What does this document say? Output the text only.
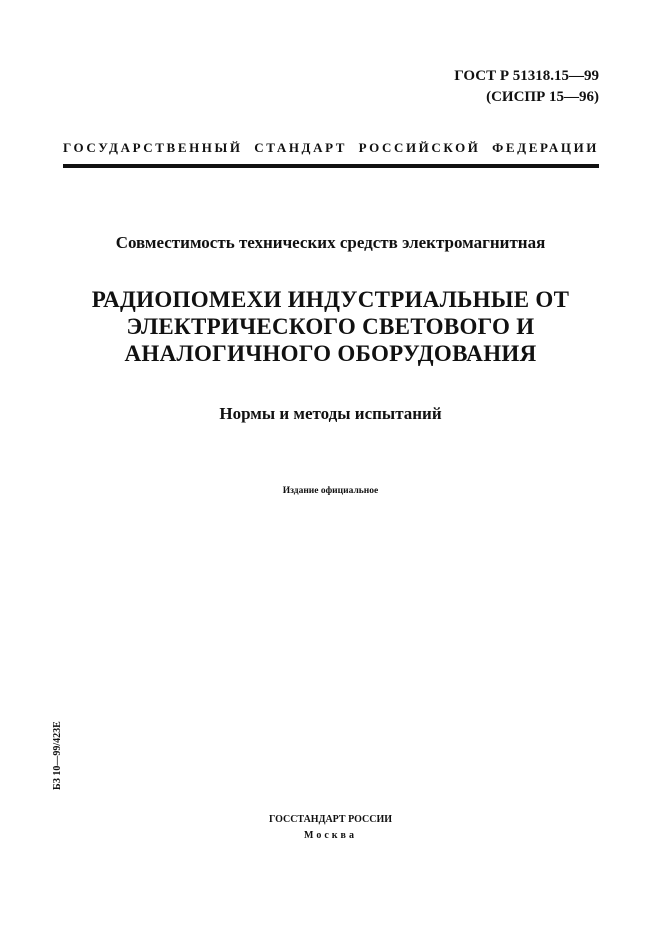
ГОСТ Р 51318.15—99
(СИСПР 15—96)
ГОСУДАРСТВЕННЫЙ СТАНДАРТ РОССИЙСКОЙ ФЕДЕРАЦИИ
Совместимость технических средств электромагнитная
РАДИОПОМЕХИ ИНДУСТРИАЛЬНЫЕ ОТ
ЭЛЕКТРИЧЕСКОГО СВЕТОВОГО И
АНАЛОГИЧНОГО ОБОРУДОВАНИЯ
Нормы и методы испытаний
Издание официальное
БЗ 10—99/423Е
ГОССТАНДАРТ РОССИИ
Москва
